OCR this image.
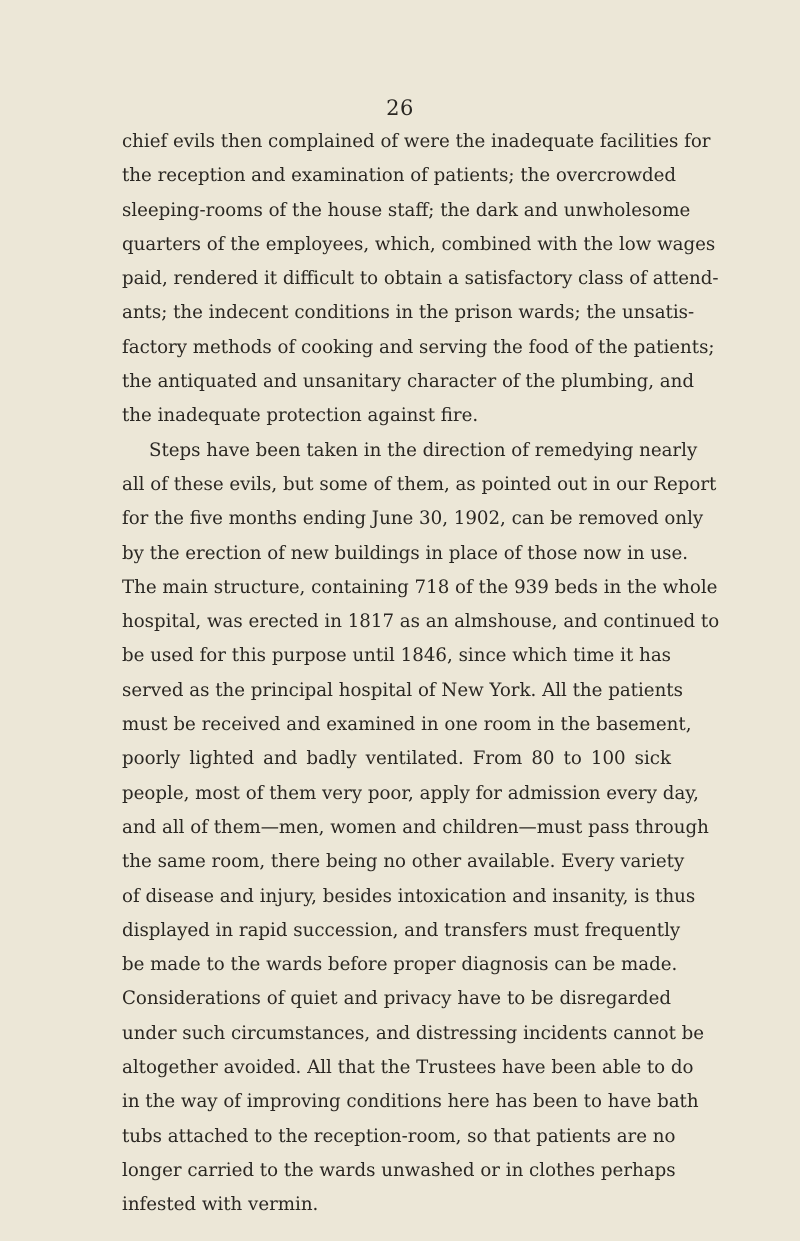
26
chief evils then complained of were the inadequate facilities for
the reception and examination of patients; the overcrowded
sleeping-rooms of the house staff; the dark and unwholesome
quarters of the employees, which, combined with the low wages
paid, rendered it difficult to obtain a satisfactory class of attend-
ants; the indecent conditions in the prison wards; the unsatis-
factory methods of cooking and serving the food of the patients;
the antiquated and unsanitary character of the plumbing, and
the inadequate protection against fire.
Steps have been taken in the direction of remedying nearly
all of these evils, but some of them, as pointed out in our Report
for the five months ending June 30, 1902, can be removed only
by the erection of new buildings in place of those now in use.
The main structure, containing 718 of the 939 beds in the whole
hospital, was erected in 1817 as an almshouse, and continued to
be used for this purpose until 1846, since which time it has
served as the principal hospital of New York. All the patients
must be received and examined in one room in the basement,
poorly lighted and badly ventilated. From 80 to 100 sick
people, most of them very poor, apply for admission every day,
and all of them—men, women and children—must pass through
the same room, there being no other available. Every variety
of disease and injury, besides intoxication and insanity, is thus
displayed in rapid succession, and transfers must frequently
be made to the wards before proper diagnosis can be made.
Considerations of quiet and privacy have to be disregarded
under such circumstances, and distressing incidents cannot be
altogether avoided. All that the Trustees have been able to do
in the way of improving conditions here has been to have bath
tubs attached to the reception-room, so that patients are no
longer carried to the wards unwashed or in clothes perhaps
infested with vermin.
